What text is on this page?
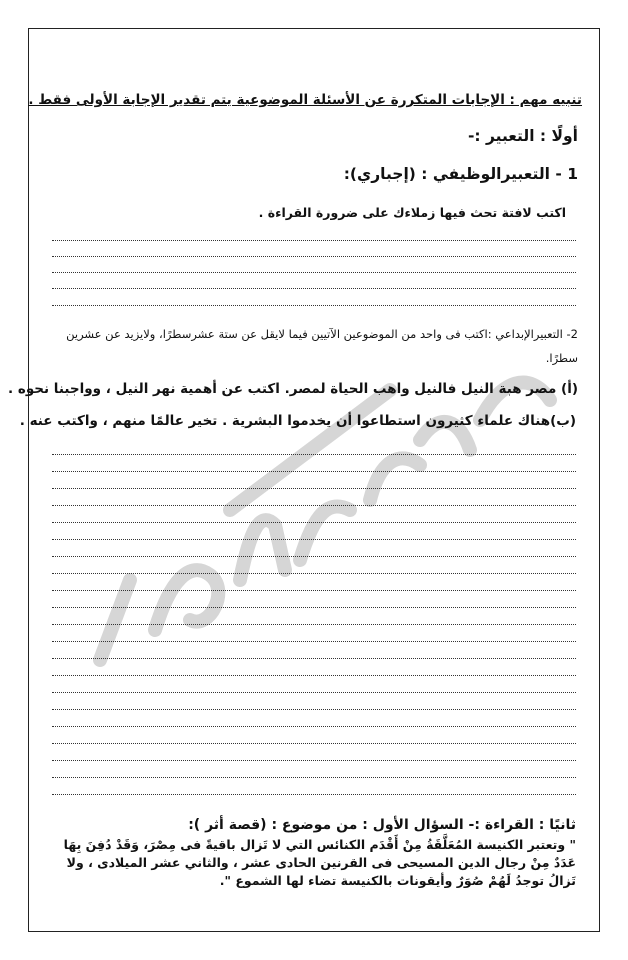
تنبيه مهم : الإجابات المتكررة عن الأسئلة الموضوعية يتم تقدير الإجابة الأولى فقط .
أولًا : التعبير :-
1 - التعبيرالوظيفي : (إجباري):
اكتب لافتة تحث فيها زملاءك على ضرورة القراءة .
2- التعبيرالإبداعي :اكتب فى واحد من الموضوعين الآتيين فيما لايقل عن ستة عشرسطرًا، ولايزيد عن عشرين سطرًا.
(أ) مصر هبة النيل فالنيل واهب الحياة لمصر. اكتب عن أهمية نهر النيل ، وواجبنا نحوه .
(ب)هناك علماء كثيرون استطاعوا أن يخدموا البشرية . تخير عالمًا منهم ، واكتب عنه .
ثانيًا : القراءة :- السؤال الأول : من موضوع : (قصة أثر ):
" وتعتبر الكنيسة المُعَلَّقَةُ مِنْ أَقْدَم الكنائس التي لا تَزال باقيةً فى مِصْرَ، وَقَدْ دُفِنَ بِهَا عَدَدٌ مِنْ رجال الدين المسيحى فى القرنين الحادى عشر ، والثاني عشر الميلادى ، ولا تَزالُ توجدُ لَهُمْ صُوَرٌ وأيقونات بالكنيسة تضاء لها الشموع ".
